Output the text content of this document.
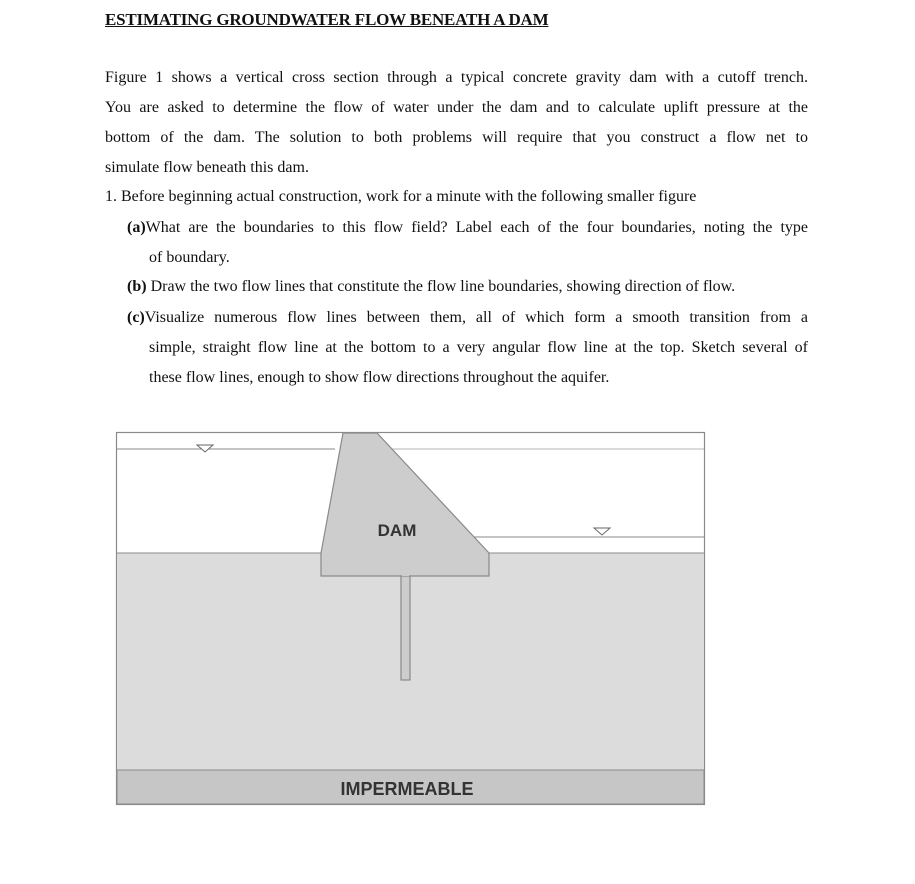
ESTIMATING GROUNDWATER FLOW BENEATH A DAM
Figure 1 shows a vertical cross section through a typical concrete gravity dam with a cutoff trench.
You are asked to determine the flow of water under the dam and to calculate uplift pressure at the
bottom of the dam. The solution to both problems will require that you construct a flow net to
simulate flow beneath this dam.
1. Before beginning actual construction, work for a minute with the following smaller figure
(a)What are the boundaries to this flow field? Label each of the four boundaries, noting the type
of boundary.
(b) Draw the two flow lines that constitute the flow line boundaries, showing direction of flow.
(c)Visualize numerous flow lines between them, all of which form a smooth transition from a
simple, straight flow line at the bottom to a very angular flow line at the top. Sketch several of
these flow lines, enough to show flow directions throughout the aquifer.
DAM
IMPERMEABLE
